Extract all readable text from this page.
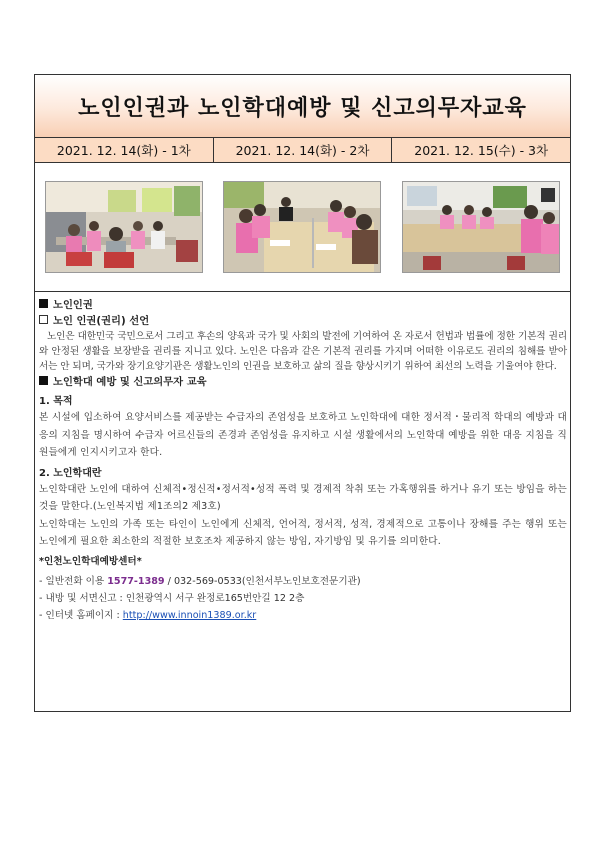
노인인권과 노인학대예방 및 신고의무자교육
2021. 12. 14(화) - 1차	2021. 12. 14(화) - 2차	2021. 12. 15(수) - 3차
노인인권
노인 인권(권리) 선언
노인은 대한민국 국민으로서 그리고 후손의 양육과 국가 및 사회의 발전에 기여하여 온 자로서 헌법과 법률에 정한 기본적 권리와 안정된 생활을 보장받을 권리를 지니고 있다. 노인은 다음과 같은 기본적 권리를 가지며 어떠한 이유로도 권리의 침해를 받아서는 안 되며, 국가와 장기요양기관은 생활노인의 인권을 보호하고 삶의 질을 향상시키기 위하여 최선의 노력을 기울여야 한다.
노인학대 예방 및 신고의무자 교육
1. 목적
본 시설에 입소하여 요양서비스를 제공받는 수급자의 존엄성을 보호하고 노인학대에 대한 정서적・물리적 학대의 예방과 대응의 지침을 명시하여 수급자 어르신들의 존경과 존엄성을 유지하고 시설 생활에서의 노인학대 예방을 위한 대응 지침을 직원들에게 인지시키고자 한다.
2. 노인학대란
노인학대란 노인에 대하여 신체적•정신적•정서적•성적 폭력 및 경제적 착취 또는 가혹행위를 하거나 유기 또는 방임을 하는 것을 말한다.(노인복지법 제1조의2 제3호)
노인학대는 노인의 가족 또는 타인이 노인에게 신체적, 언어적, 정서적, 성적, 경제적으로 고통이나 장해를 주는 행위 또는 노인에게 필요한 최소한의 적절한 보호조차 제공하지 않는 방임, 자기방임 및 유기를 의미한다.
*인천노인학대예방센터*
- 일반전화 이용 1577-1389 / 032-569-0533(인천서부노인보호전문기관)
- 내방 및 서면신고 : 인천광역시 서구 완정로165번안길 12 2층
- 인터넷 홈페이지 : http://www.innoin1389.or.kr
